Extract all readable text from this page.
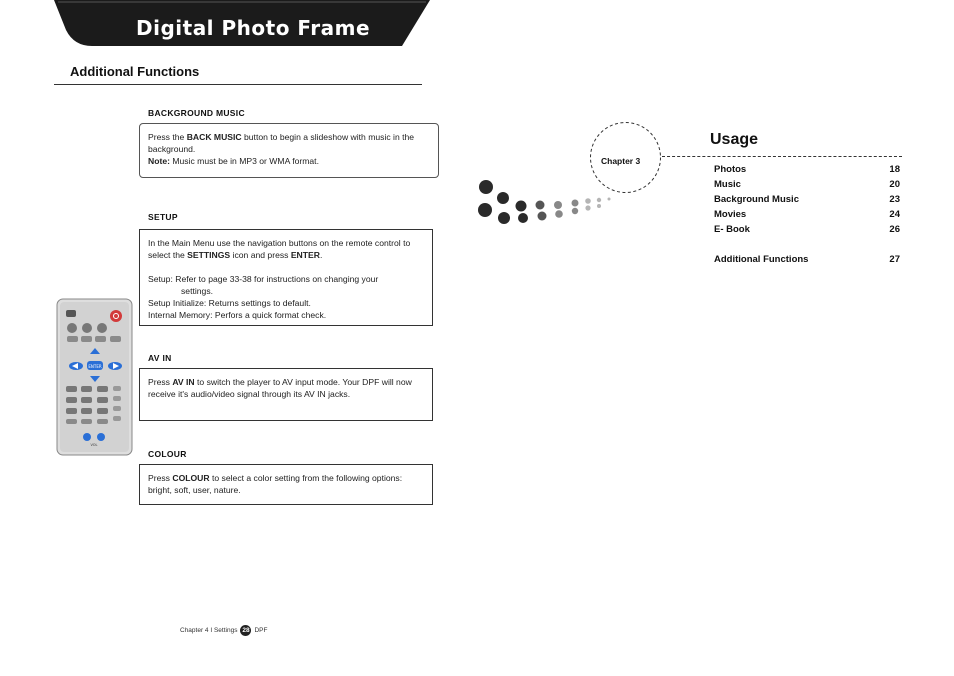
Digital Photo Frame
Additional Functions
BACKGROUND MUSIC

Press the BACK MUSIC button to begin a slideshow with music in the background.

Note: Music must be in MP3 or WMA format.

SETUP

In the Main Menu use the navigation buttons on the remote control to select the SETTINGS icon and press ENTER.

Setup: Refer to page 33-38 for instructions on changing your

settings.

Setup Initialize: Returns settings to default.

Internal Memory: Perfors a quick format check.

AV IN

Press AV IN to switch the player to AV input mode. Your DPF will now receive it's audio/video signal through its AV IN jacks.

COLOUR

Press COLOUR to select a color setting from the following options: bright, soft, user, nature.

ENTER
VOL
Chapter 4 I Settings 28 DPF
Chapter 3
Usage
Photos	18
Music	20
Background Music	23
Movies	24
E- Book	26
Additional Functions	27
